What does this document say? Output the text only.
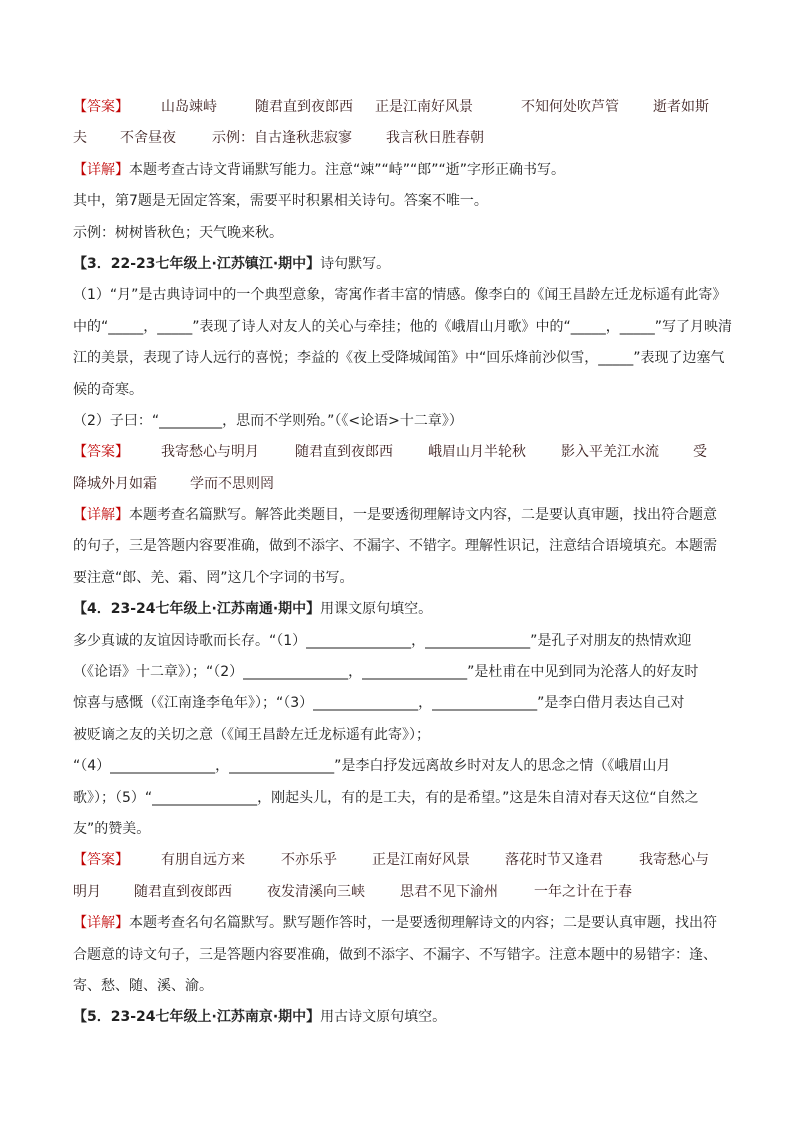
【答案】 山岛竦峙	随君直到夜郎西 正是江南好风景	不知何处吹芦管 逝者如斯
夫 不舍昼夜	示例：自古逢秋悲寂寥 我言秋日胜春朝
【详解】本题考查古诗文背诵默写能力。注意“竦”“峙”“郎”“逝”字形正确书写。
其中，第7题是无固定答案，需要平时积累相关诗句。答案不唯一。
示例：树树皆秋色；天气晚来秋。
【3．22-23七年级上·江苏镇江·期中】诗句默写。
（1）“月”是古典诗词中的一个典型意象，寄寓作者丰富的情感。像李白的《闻王昌龄左迁龙标遥有此寄》
中的“_____，_____”表现了诗人对友人的关心与牵挂；他的《峨眉山月歌》中的“_____，_____”写了月映清
江的美景，表现了诗人远行的喜悦；李益的《夜上受降城闻笛》中“回乐烽前沙似雪，_____”表现了边塞气
候的奇寒。
（2）子曰：“_________，思而不学则殆。”（《<论语>十二章》）
【答案】 我寄愁心与明月	随君直到夜郎西	峨眉山月半轮秋	影入平羌江水流 受
降城外月如霜 学而不思则罔
【详解】本题考查名篇默写。解答此类题目，一是要透彻理解诗文内容，二是要认真审题，找出符合题意
的句子，三是答题内容要准确，做到不添字、不漏字、不错字。理解性识记，注意结合语境填充。本题需
要注意“郎、羌、霜、罔”这几个字词的书写。
【4．23-24七年级上·江苏南通·期中】用课文原句填空。
多少真诚的友谊因诗歌而长存。“（1）_______________，_______________”是孔子对朋友的热情欢迎
（《论语》十二章》）；“（2）_______________，_______________”是杜甫在中见到同为沦落人的好友时
惊喜与感慨（《江南逢李龟年》）；“（3）_______________，_______________”是李白借月表达自己对
被贬谪之友的关切之意（《闻王昌龄左迁龙标遥有此寄》）；
“（4）_______________，_______________”是李白抒发远离故乡时对友人的思念之情（《峨眉山月
歌》）；（5）“_______________，刚起头儿，有的是工夫，有的是希望。”这是朱自清对春天这位“自然之
友”的赞美。
【答案】 有朋自远方来	不亦乐乎	正是江南好风景	落花时节又逢君	我寄愁心与
明月 随君直到夜郎西	夜发清溪向三峡	思君不见下渝州	一年之计在于春
【详解】本题考查名句名篇默写。默写题作答时，一是要透彻理解诗文的内容；二是要认真审题，找出符
合题意的诗文句子，三是答题内容要准确，做到不添字、不漏字、不写错字。注意本题中的易错字：逢、
寄、愁、随、溪、渝。
【5．23-24七年级上·江苏南京·期中】用古诗文原句填空。
